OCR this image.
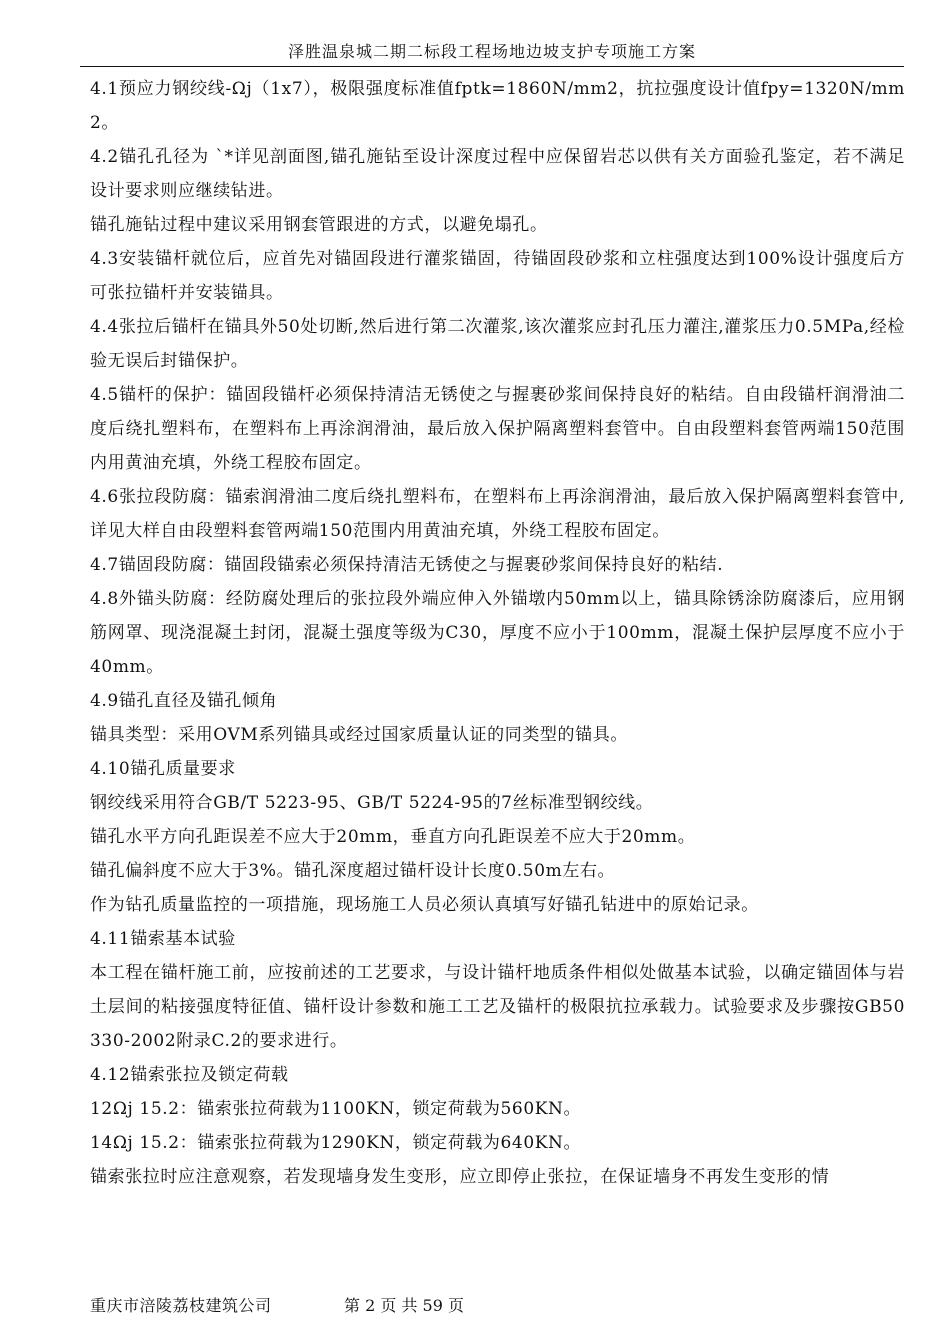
泽胜温泉城二期二标段工程场地边坡支护专项施工方案

4.1预应力钢绞线-Ωj（1x7），极限强度标准值fptk=1860N/mm2，抗拉强度设计值fpy=1320N/mm2。

4.2锚孔孔径为 `*详见剖面图,锚孔施钻至设计深度过程中应保留岩芯以供有关方面验孔鉴定，若不满足设计要求则应继续钻进。

锚孔施钻过程中建议采用钢套管跟进的方式，以避免塌孔。

4.3安装锚杆就位后，应首先对锚固段进行灌浆锚固，待锚固段砂浆和立柱强度达到100%设计强度后方可张拉锚杆并安装锚具。

4.4张拉后锚杆在锚具外50处切断,然后进行第二次灌浆,该次灌浆应封孔压力灌注,灌浆压力0.5MPa,经检验无误后封锚保护。

4.5锚杆的保护：锚固段锚杆必须保持清洁无锈使之与握裹砂浆间保持良好的粘结。自由段锚杆润滑油二度后绕扎塑料布，在塑料布上再涂润滑油，最后放入保护隔离塑料套管中。自由段塑料套管两端150范围内用黄油充填，外绕工程胶布固定。

4.6张拉段防腐：锚索润滑油二度后绕扎塑料布，在塑料布上再涂润滑油，最后放入保护隔离塑料套管中,详见大样自由段塑料套管两端150范围内用黄油充填，外绕工程胶布固定。

4.7锚固段防腐：锚固段锚索必须保持清洁无锈使之与握裹砂浆间保持良好的粘结.

4.8外锚头防腐：经防腐处理后的张拉段外端应伸入外锚墩内50mm以上，锚具除锈涂防腐漆后，应用钢筋网罩、现浇混凝土封闭，混凝土强度等级为C30，厚度不应小于100mm，混凝土保护层厚度不应小于40mm。

4.9锚孔直径及锚孔倾角

锚具类型：采用OVM系列锚具或经过国家质量认证的同类型的锚具。

4.10锚孔质量要求

钢绞线采用符合GB/T 5223-95、GB/T 5224-95的7丝标准型钢绞线。

锚孔水平方向孔距误差不应大于20mm，垂直方向孔距误差不应大于20mm。

锚孔偏斜度不应大于3%。锚孔深度超过锚杆设计长度0.50m左右。

作为钻孔质量监控的一项措施，现场施工人员必须认真填写好锚孔钻进中的原始记录。

4.11锚索基本试验

本工程在锚杆施工前，应按前述的工艺要求，与设计锚杆地质条件相似处做基本试验，以确定锚固体与岩土层间的粘接强度特征值、锚杆设计参数和施工工艺及锚杆的极限抗拉承载力。试验要求及步骤按GB50330-2002附录C.2的要求进行。

4.12锚索张拉及锁定荷载

12Ωj 15.2：锚索张拉荷载为1100KN，锁定荷载为560KN。

14Ωj 15.2：锚索张拉荷载为1290KN，锁定荷载为640KN。

锚索张拉时应注意观察，若发现墙身发生变形，应立即停止张拉，在保证墙身不再发生变形的情

重庆市涪陵荔枝建筑公司	第 2 页 共 59 页
